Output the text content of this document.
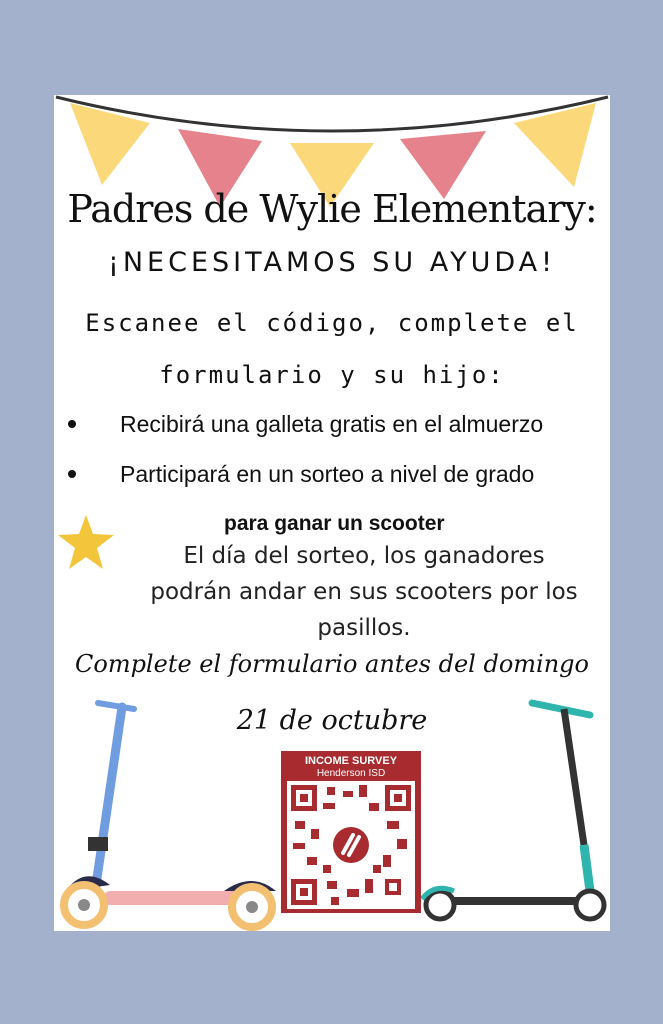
Padres de Wylie Elementary:
¡NECESITAMOS SU AYUDA!
Escanee el código, complete el
formulario y su hijo:
Recibirá una galleta gratis en el almuerzo
Participará en un sorteo a nivel de grado
para ganar un scooter
El día del sorteo, los ganadores
podrán andar en sus scooters por los
pasillos.
Complete el formulario antes del domingo
21 de octubre
INCOME SURVEY
Henderson ISD
